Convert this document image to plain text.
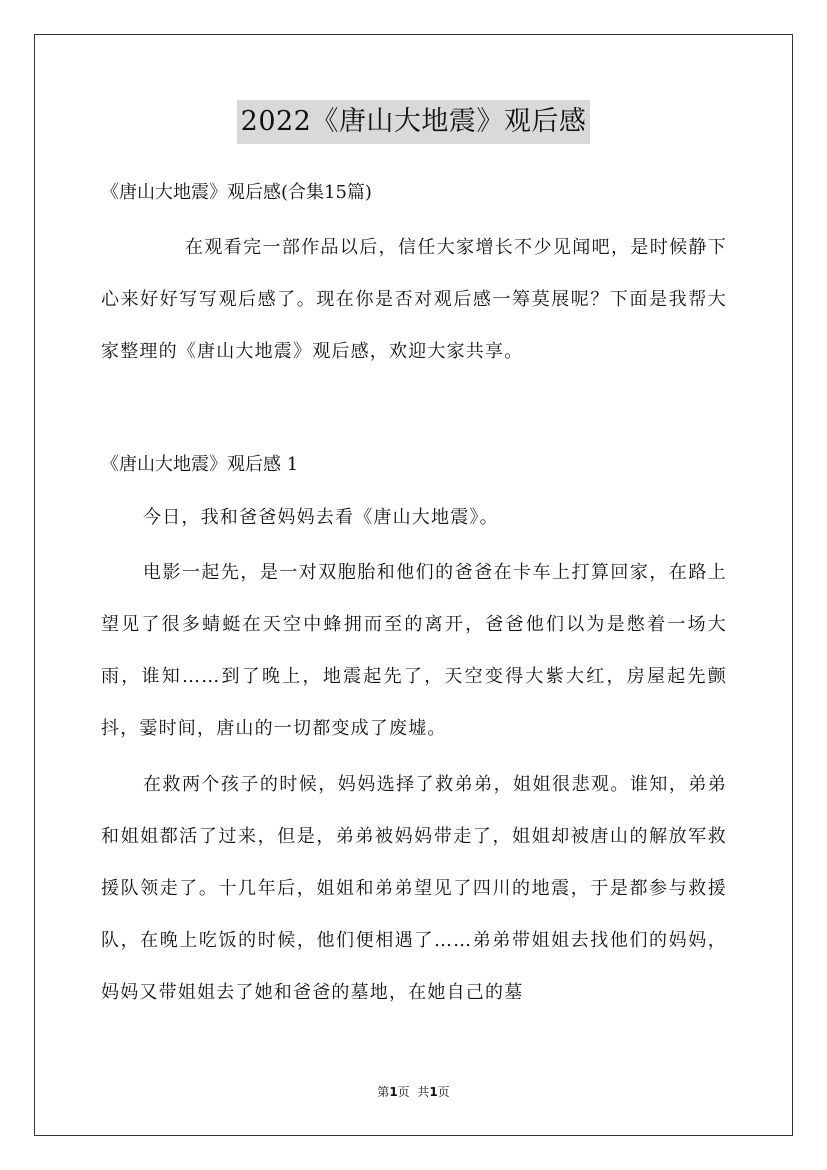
2022《唐山大地震》观后感
《唐山大地震》观后感(合集15篇)

在观看完一部作品以后，信任大家增长不少见闻吧，是时候静下心来好好写写观后感了。现在你是否对观后感一筹莫展呢？下面是我帮大家整理的《唐山大地震》观后感，欢迎大家共享。

《唐山大地震》观后感 1

今日，我和爸爸妈妈去看《唐山大地震》。

电影一起先，是一对双胞胎和他们的爸爸在卡车上打算回家，在路上望见了很多蜻蜓在天空中蜂拥而至的离开，爸爸他们以为是憋着一场大雨，谁知……到了晚上，地震起先了，天空变得大紫大红，房屋起先颤抖，霎时间，唐山的一切都变成了废墟。

在救两个孩子的时候，妈妈选择了救弟弟，姐姐很悲观。谁知，弟弟和姐姐都活了过来，但是，弟弟被妈妈带走了，姐姐却被唐山的解放军救援队领走了。十几年后，姐姐和弟弟望见了四川的地震，于是都参与救援队，在晚上吃饭的时候，他们便相遇了……弟弟带姐姐去找他们的妈妈，妈妈又带姐姐去了她和爸爸的墓地，在她自己的墓

第1页  共1页
